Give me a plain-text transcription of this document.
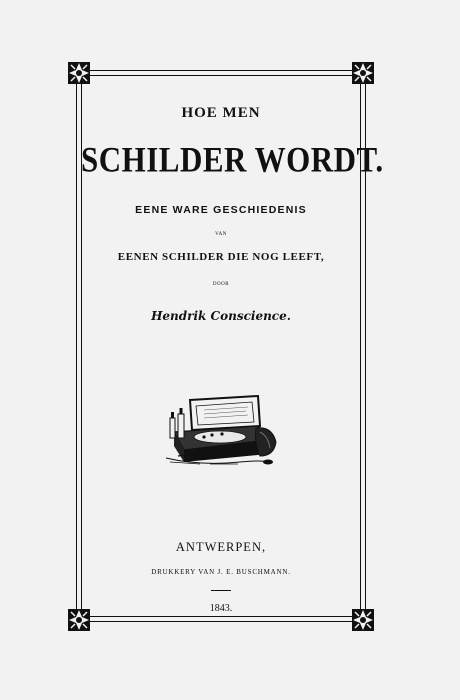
HOE MEN
SCHILDER WORDT.
EENE WARE GESCHIEDENIS
VAN
EENEN SCHILDER DIE NOG LEEFT,
DOOR
Hendrik Conscience.
ANTWERPEN,
DRUKKERY VAN J. E. BUSCHMANN.
1843.
